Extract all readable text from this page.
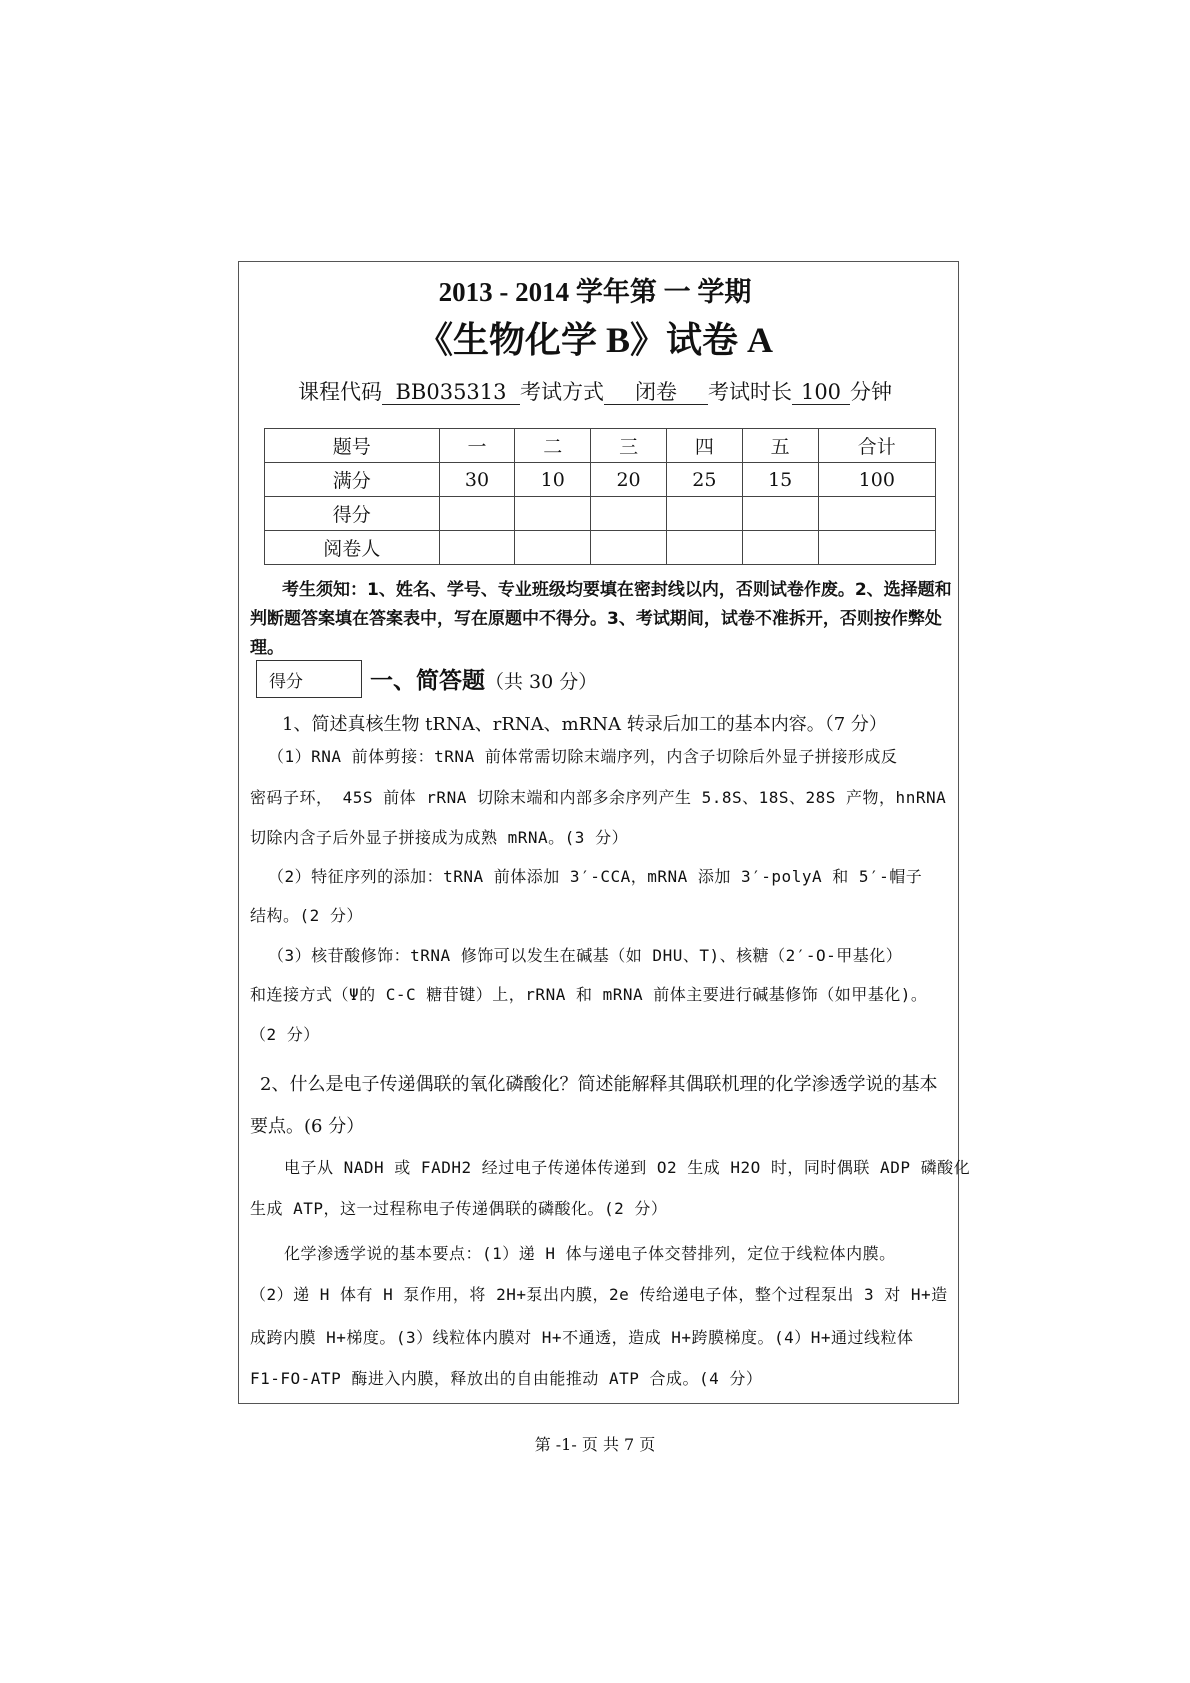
2013 - 2014 学年第 一 学期
《生物化学 B》试卷 A
课程代码 BB035313 考试方式 闭卷 考试时长 100 分钟
题号	一	二	三	四	五	合计
满分	30	10	20	25	15	100
得分						
阅卷人						
考生须知：1、姓名、学号、专业班级均要填在密封线以内，否则试卷作废。2、选择题和判断题答案填在答案表中，写在原题中不得分。3、考试期间，试卷不准拆开，否则按作弊处理。
得分	一、简答题（共 30 分）
1、简述真核生物 tRNA、rRNA、mRNA 转录后加工的基本内容。（7 分）
（1）RNA 前体剪接：tRNA 前体常需切除末端序列，内含子切除后外显子拼接形成反
密码子环， 45S 前体 rRNA 切除末端和内部多余序列产生 5.8S、18S、28S 产物，hnRNA
切除内含子后外显子拼接成为成熟 mRNA。(3 分）
（2）特征序列的添加：tRNA 前体添加 3′-CCA，mRNA 添加 3′-polyA 和 5′-帽子
结构。(2 分）
（3）核苷酸修饰：tRNA 修饰可以发生在碱基（如 DHU、T)、核糖（2′-O-甲基化）
和连接方式（Ψ的 C-C 糖苷键）上，rRNA 和 mRNA 前体主要进行碱基修饰（如甲基化)。
（2 分）
2、什么是电子传递偶联的氧化磷酸化？简述能解释其偶联机理的化学渗透学说的基本
要点。(6 分）
电子从 NADH 或 FADH2 经过电子传递体传递到 O2 生成 H2O 时，同时偶联 ADP 磷酸化
生成 ATP，这一过程称电子传递偶联的磷酸化。(2 分）
化学渗透学说的基本要点：(1）递 H 体与递电子体交替排列，定位于线粒体内膜。
（2）递 H 体有 H 泵作用，将 2H+泵出内膜，2e 传给递电子体，整个过程泵出 3 对 H+造
成跨内膜 H+梯度。(3）线粒体内膜对 H+不通透，造成 H+跨膜梯度。(4）H+通过线粒体
F1-FO-ATP 酶进入内膜，释放出的自由能推动 ATP 合成。(4 分）
第 -1- 页 共 7 页
